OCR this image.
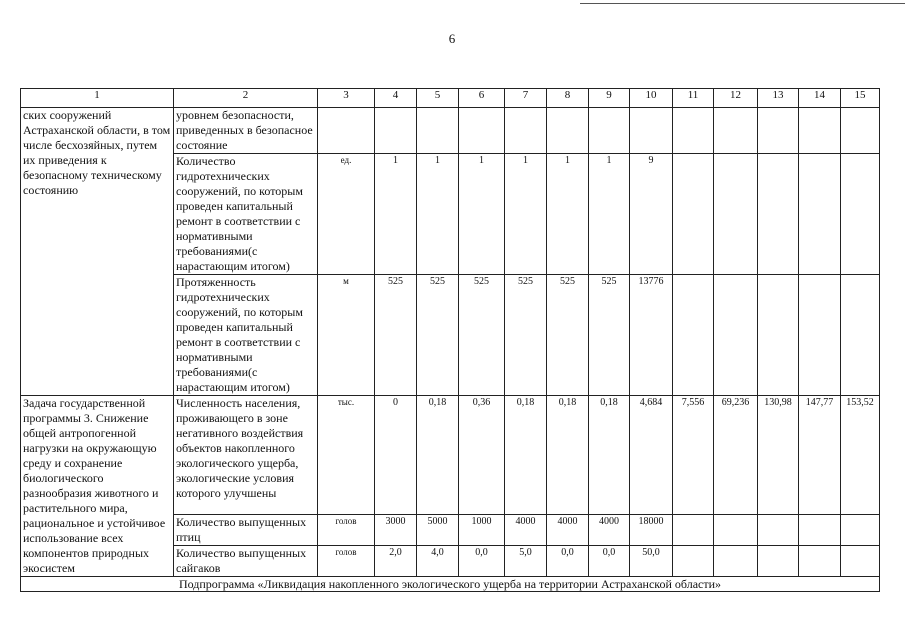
6
1	2	3	4	5	6	7	8	9	10	11	12	13	14	15
ских сооружений Астраханской области, в том числе бесхозяйных, путем их приведения к безопасному техническому состоянию	уровнем безопасности, приведенных в безопасное состояние													
	Количество гидротехнических сооружений, по которым проведен капитальный ремонт в соответствии с нормативными требованиями(с нарастающим итогом)	ед.	1	1	1	1	1	1	9					
	Протяженность гидротехнических сооружений, по которым проведен капитальный ремонт в соответствии с нормативными требованиями(с нарастающим итогом)	м	525	525	525	525	525	525	13776					
Задача государственной программы 3. Снижение общей антропогенной нагрузки на окружающую среду и сохранение биологического разнообразия животного и растительного мира, рациональное и устойчивое использование всех компонентов природных экосистем	Численность населения, проживающего в зоне негативного воздействия объектов накопленного экологического ущерба, экологические условия которого улучшены	тыс.	0	0,18	0,36	0,18	0,18	0,18	4,684	7,556	69,236	130,98	147,77	153,52
	Количество выпущенных птиц	голов	3000	5000	1000	4000	4000	4000	18000					
	Количество выпущенных сайгаков	голов	2,0	4,0	0,0	5,0	0,0	0,0	50,0					
Подпрограмма «Ликвидация накопленного экологического ущерба на территории Астраханской области»														
